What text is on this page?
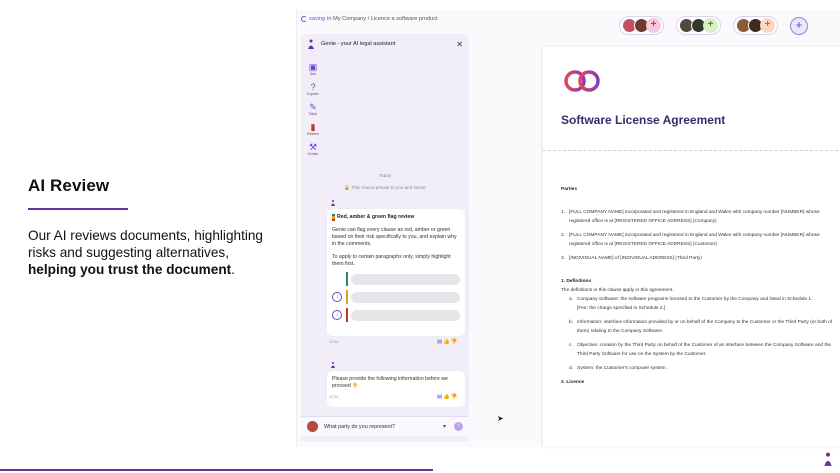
AI Review
Our AI reviews documents, highlighting risks and suggesting alternatives, helping you trust the document.
saving in My Company / Licence a software product	+	+	+	+
Genie - your AI legal assistant	✕
▣
Ask
?
Explain
✎
Tailor
▮
Review
⚒
Create
Today
🔒 This chat is private to you and Genie
Red, amber & green flag review
Genie can flag every clause as red, amber or green based on their risk specifically to you, and explain why in the comments.
To apply to certain paragraphs only, simply highlight them first.
↓
↓
12:34	▤👍👎
Please provide the following information before we proceed 👇
12:34	▤👍👎
What party do you represent?	▾	↑
Software License Agreement
Parties
1. [FULL COMPANY NAME] incorporated and registered in England and Wales with company number [NUMBER] whose registered office is at [REGISTERED OFFICE ADDRESS] (Company)
2. [FULL COMPANY NAME] incorporated and registered in England and Wales with company number [NUMBER] whose registered office is at [REGISTERED OFFICE ADDRESS] (Customer)
3. [INDIVIDUAL NAME] of [INDIVIDUAL ADDRESS] (Third Party)
1. Definitions
The definitions in this clause apply in this agreement.
a. Company Software: the software programs licensed to the Customer by the Company and listed in Schedule 1.
[Fee: the charge specified in Schedule 2.]
b. Information: interface information provided by or on behalf of the Company to the Customer or the Third Party (or both of them) relating to the Company Software.
c. Objective: creation by the Third Party on behalf of the Customer of an interface between the Company Software and the Third Party Software for use on the System by the Customer.
d. System: the Customer's computer system.
2. Licence
➤
